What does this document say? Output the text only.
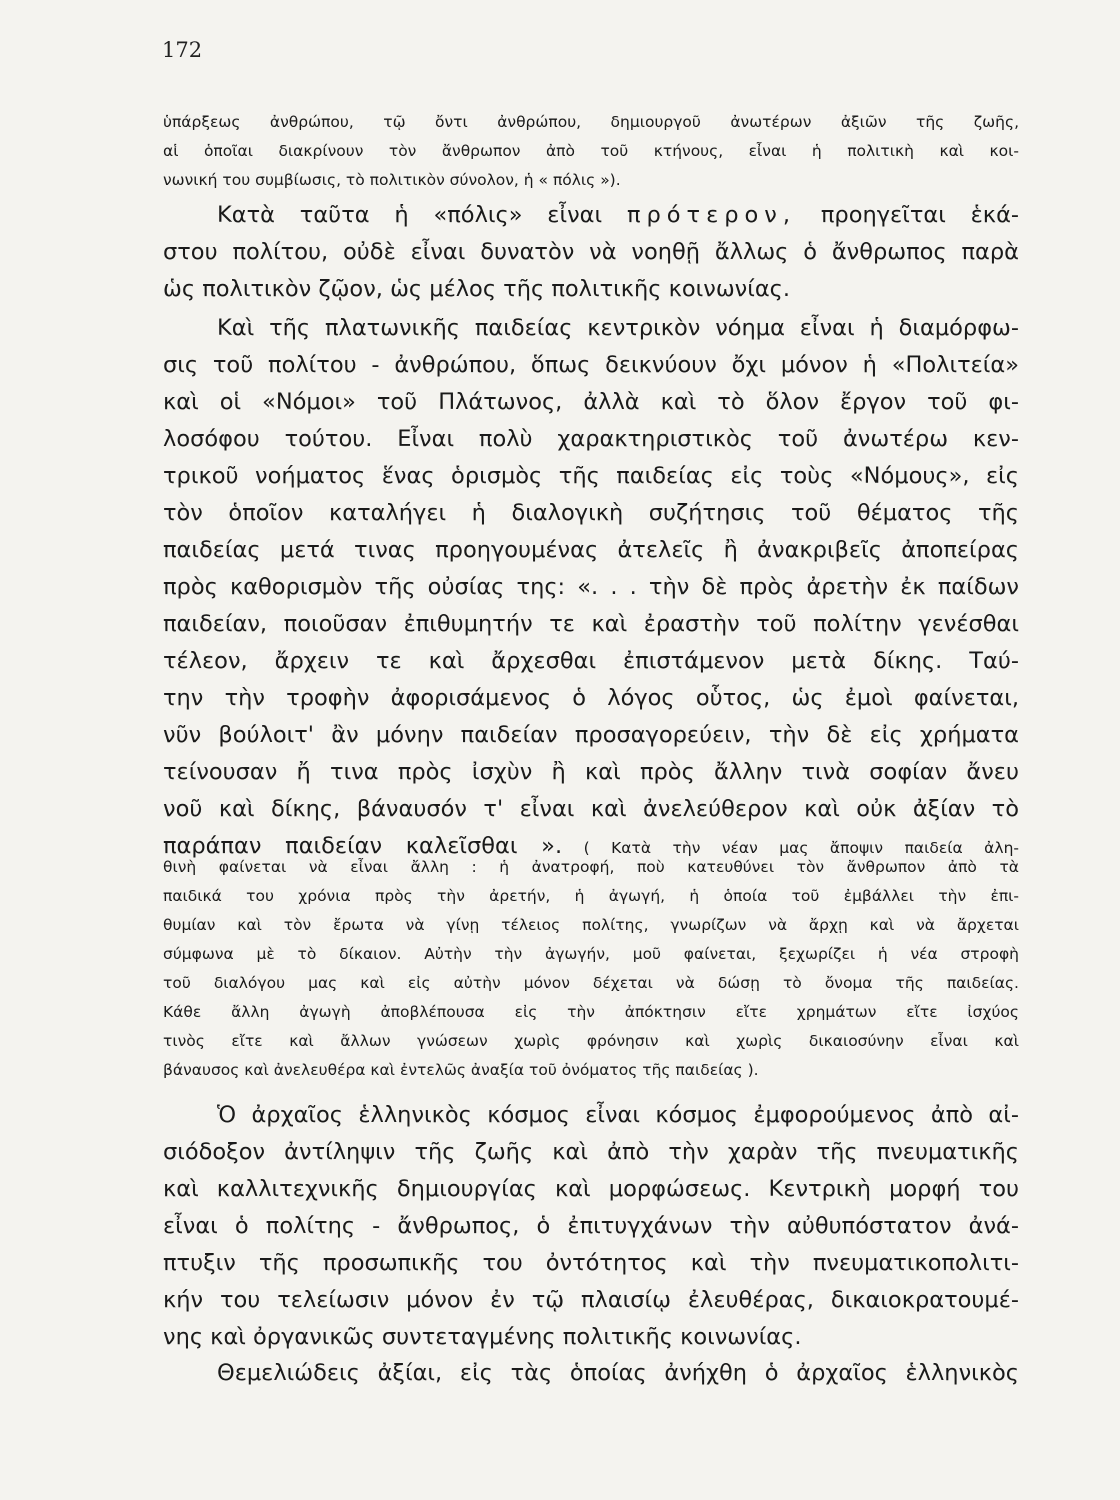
172

ὑπάρξεως ἀνθρώπου, τῷ ὄντι ἀνθρώπου, δημιουργοῦ ἀνωτέρων ἀξιῶν τῆς ζωῆς,
αἱ ὁποῖαι διακρίνουν τὸν ἄνθρωπον ἀπὸ τοῦ κτήνους, εἶναι ἡ πολιτικὴ καὶ κοι-
νωνική του συμβίωσις, τὸ πολιτικὸν σύνολον, ἡ « πόλις »).

Κατὰ ταῦτα ἡ «πόλις» εἶναι πρότερον, προηγεῖται ἑκά-
στου πολίτου, οὐδὲ εἶναι δυνατὸν νὰ νοηθῇ ἄλλως ὁ ἄνθρωπος παρὰ
ὡς πολιτικὸν ζῷον, ὡς μέλος τῆς πολιτικῆς κοινωνίας.

Καὶ τῆς πλατωνικῆς παιδείας κεντρικὸν νόημα εἶναι ἡ διαμόρφω-
σις τοῦ πολίτου - ἀνθρώπου, ὅπως δεικνύουν ὄχι μόνον ἡ «Πολιτεία»
καὶ οἱ «Νόμοι» τοῦ Πλάτωνος, ἀλλὰ καὶ τὸ ὅλον ἔργον τοῦ φι-
λοσόφου τούτου. Εἶναι πολὺ χαρακτηριστικὸς τοῦ ἀνωτέρω κεν-
τρικοῦ νοήματος ἕνας ὁρισμὸς τῆς παιδείας εἰς τοὺς «Νόμους», εἰς
τὸν ὁποῖον καταλήγει ἡ διαλογικὴ συζήτησις τοῦ θέματος τῆς
παιδείας μετά τινας προηγουμένας ἀτελεῖς ἢ ἀνακριβεῖς ἀποπείρας
πρὸς καθορισμὸν τῆς οὐσίας της: «. . . τὴν δὲ πρὸς ἀρετὴν ἐκ παίδων
παιδείαν, ποιοῦσαν ἐπιθυμητήν τε καὶ ἐραστὴν τοῦ πολίτην γενέσθαι
τέλεον, ἄρχειν τε καὶ ἄρχεσθαι ἐπιστάμενον μετὰ δίκης. Ταύ-
την τὴν τροφὴν ἀφορισάμενος ὁ λόγος οὗτος, ὡς ἐμοὶ φαίνεται,
νῦν βούλοιτ' ἂν μόνην παιδείαν προσαγορεύειν, τὴν δὲ εἰς χρήματα
τείνουσαν ἤ τινα πρὸς ἰσχὺν ἢ καὶ πρὸς ἄλλην τινὰ σοφίαν ἄνευ
νοῦ καὶ δίκης, βάναυσόν τ' εἶναι καὶ ἀνελεύθερον καὶ οὐκ ἀξίαν τὸ
παράπαν παιδείαν καλεῖσθαι ». ( Κατὰ τὴν νέαν μας ἄποψιν παιδεία ἀλη-

θινὴ φαίνεται νὰ εἶναι ἄλλη : ἡ ἀνατροφή, ποὺ κατευθύνει τὸν ἄνθρωπον ἀπὸ τὰ
παιδικά του χρόνια πρὸς τὴν ἀρετήν, ἡ ἀγωγή, ἡ ὁποία τοῦ ἐμβάλλει τὴν ἐπι-
θυμίαν καὶ τὸν ἔρωτα νὰ γίνῃ τέλειος πολίτης, γνωρίζων νὰ ἄρχῃ καὶ νὰ ἄρχεται
σύμφωνα μὲ τὸ δίκαιον. Αὐτὴν τὴν ἀγωγήν, μοῦ φαίνεται, ξεχωρίζει ἡ νέα στροφὴ
τοῦ διαλόγου μας καὶ εἰς αὐτὴν μόνον δέχεται νὰ δώσῃ τὸ ὄνομα τῆς παιδείας.
Κάθε ἄλλη ἀγωγὴ ἀποβλέπουσα εἰς τὴν ἀπόκτησιν εἴτε χρημάτων εἴτε ἰσχύος
τινὸς εἴτε καὶ ἄλλων γνώσεων χωρὶς φρόνησιν καὶ χωρὶς δικαιοσύνην εἶναι καὶ
βάναυσος καὶ ἀνελευθέρα καὶ ἐντελῶς ἀναξία τοῦ ὀνόματος τῆς παιδείας ).

Ὁ ἀρχαῖος ἑλληνικὸς κόσμος εἶναι κόσμος ἐμφορούμενος ἀπὸ αἰ-
σιόδοξον ἀντίληψιν τῆς ζωῆς καὶ ἀπὸ τὴν χαρὰν τῆς πνευματικῆς
καὶ καλλιτεχνικῆς δημιουργίας καὶ μορφώσεως. Κεντρικὴ μορφή του
εἶναι ὁ πολίτης - ἄνθρωπος, ὁ ἐπιτυγχάνων τὴν αὐθυπόστατον ἀνά-
πτυξιν τῆς προσωπικῆς του ὀντότητος καὶ τὴν πνευματικοπολιτι-
κήν του τελείωσιν μόνον ἐν τῷ πλαισίῳ ἐλευθέρας, δικαιοκρατουμέ-
νης καὶ ὀργανικῶς συντεταγμένης πολιτικῆς κοινωνίας.

Θεμελιώδεις ἀξίαι, εἰς τὰς ὁποίας ἀνήχθη ὁ ἀρχαῖος ἑλληνικὸς
